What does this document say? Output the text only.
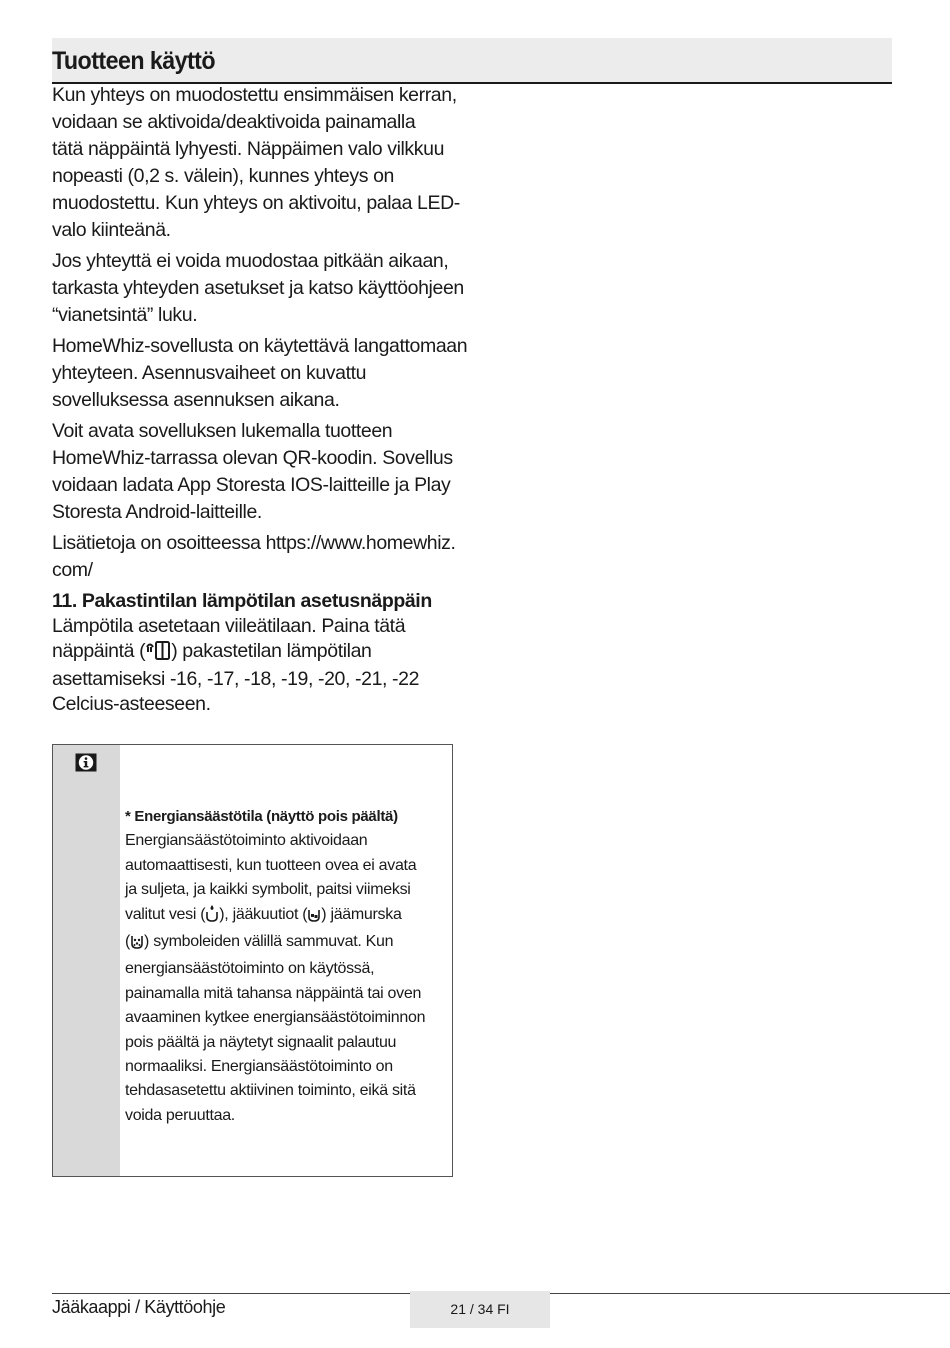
Tuotteen käyttö

Kun yhteys on muodostettu ensimmäisen kerran,
voidaan se aktivoida/deaktivoida painamalla
tätä näppäintä lyhyesti. Näppäimen valo vilkkuu
nopeasti (0,2 s. välein), kunnes yhteys on
muodostettu. Kun yhteys on aktivoitu, palaa LED-
valo kiinteänä.

Jos yhteyttä ei voida muodostaa pitkään aikaan,
tarkasta yhteyden asetukset ja katso käyttöohjeen
“vianetsintä” luku.

HomeWhiz-sovellusta on käytettävä langattomaan
yhteyteen. Asennusvaiheet on kuvattu
sovelluksessa asennuksen aikana.

Voit avata sovelluksen lukemalla tuotteen
HomeWhiz-tarrassa olevan QR-koodin. Sovellus
voidaan ladata App Storesta IOS-laitteille ja Play
Storesta Android-laitteille.

Lisätietoja on osoitteessa https://www.homewhiz.
com/

11. Pakastintilan lämpötilan asetusnäppäin

Lämpötila asetetaan viileätilaan. Paina tätä

näppäintä ( ) pakastetilan lämpötilan

asettamiseksi -16, -17, -18, -19, -20, -21, -22

Celcius-asteeseen.

* Energiansäästötila (näyttö pois päältä)

Energiansäästötoiminto aktivoidaan

automaattisesti, kun tuotteen ovea ei avata

ja suljeta, ja kaikki symbolit, paitsi viimeksi

valitut vesi ( ), jääkuutiot ( ) jäämurska

( ) symboleiden välillä sammuvat. Kun

energiansäästötoiminto on käytössä,
painamalla mitä tahansa näppäintä tai oven
avaaminen kytkee energiansäästötoiminnon
pois päältä ja näytetyt signaalit palautuu
normaaliksi. Energiansäästötoiminto on
tehdasasetettu aktiivinen toiminto, eikä sitä
voida peruuttaa.

Jääkaappi / Käyttöohje	21 / 34 FI
